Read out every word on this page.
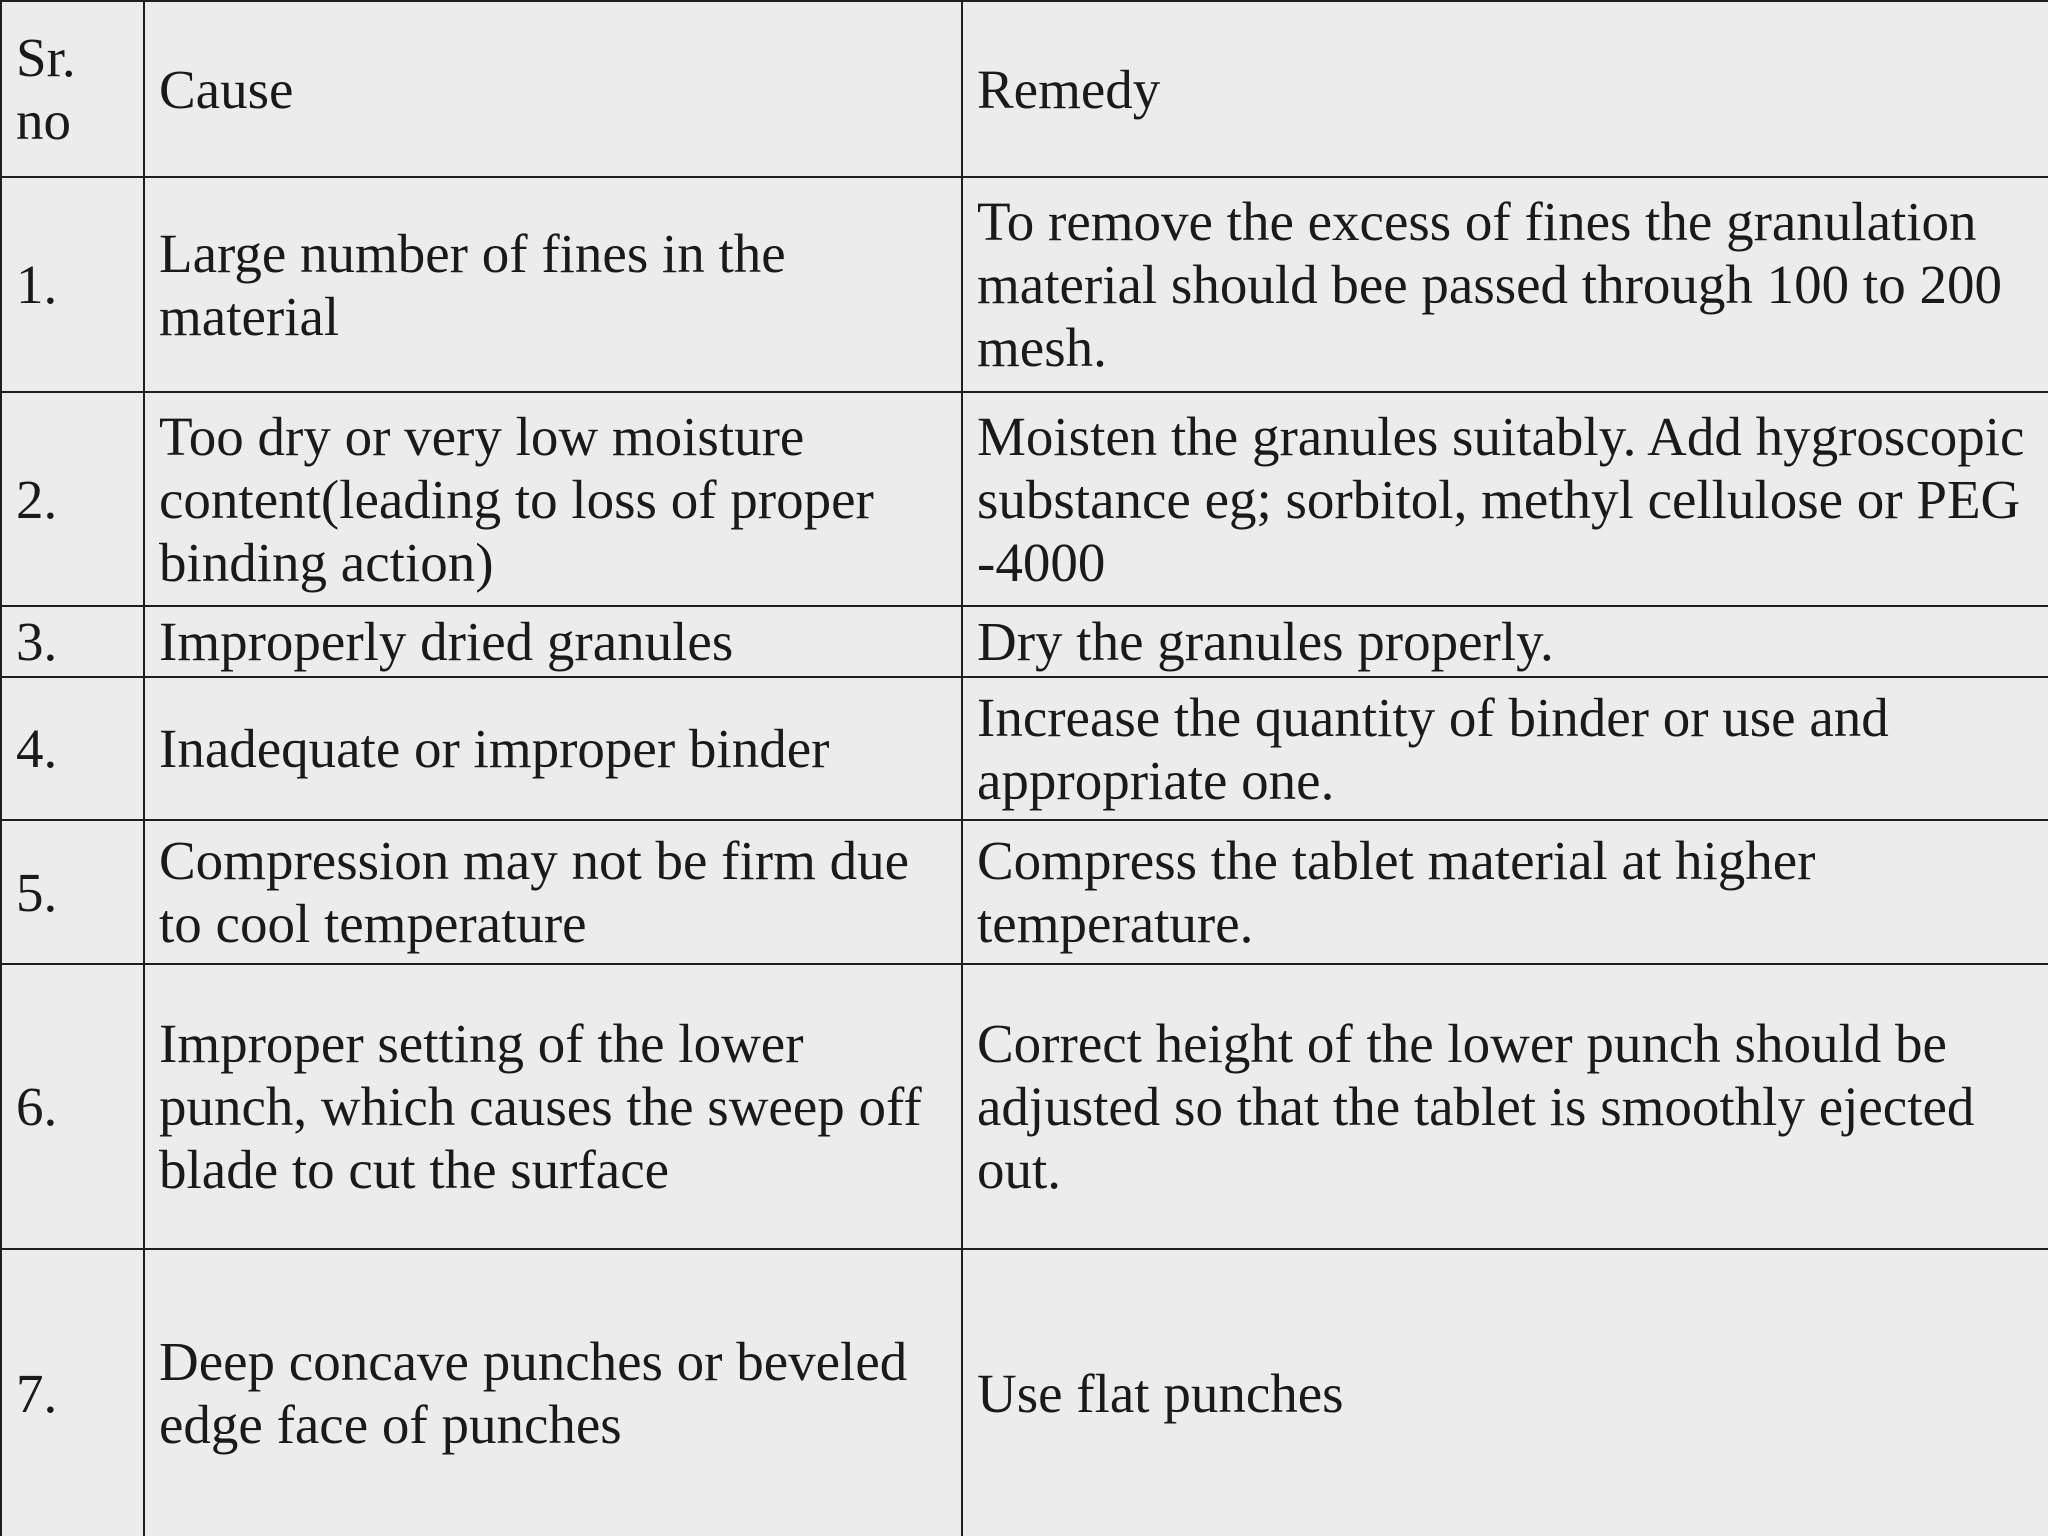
Sr.
no	Cause	Remedy

1.	Large number of fines in the material	To remove the excess of fines the granulation material should bee passed through 100 to 200 mesh.

2.	Too dry or very low moisture content(leading to loss of proper binding action)	Moisten the granules suitably. Add hygroscopic substance eg; sorbitol, methyl cellulose or PEG -4000

3.	Improperly dried granules	Dry the granules properly.

4.	Inadequate or improper binder	Increase the quantity of binder or use and appropriate one.

5.	Compression may not be firm due to cool temperature	Compress the tablet material at higher temperature.

6.	Improper setting of the lower punch, which causes the sweep off blade to cut the surface	Correct height of the lower punch should be adjusted so that the tablet is smoothly ejected out.

7.	Deep concave punches or beveled edge face of punches	Use flat punches
